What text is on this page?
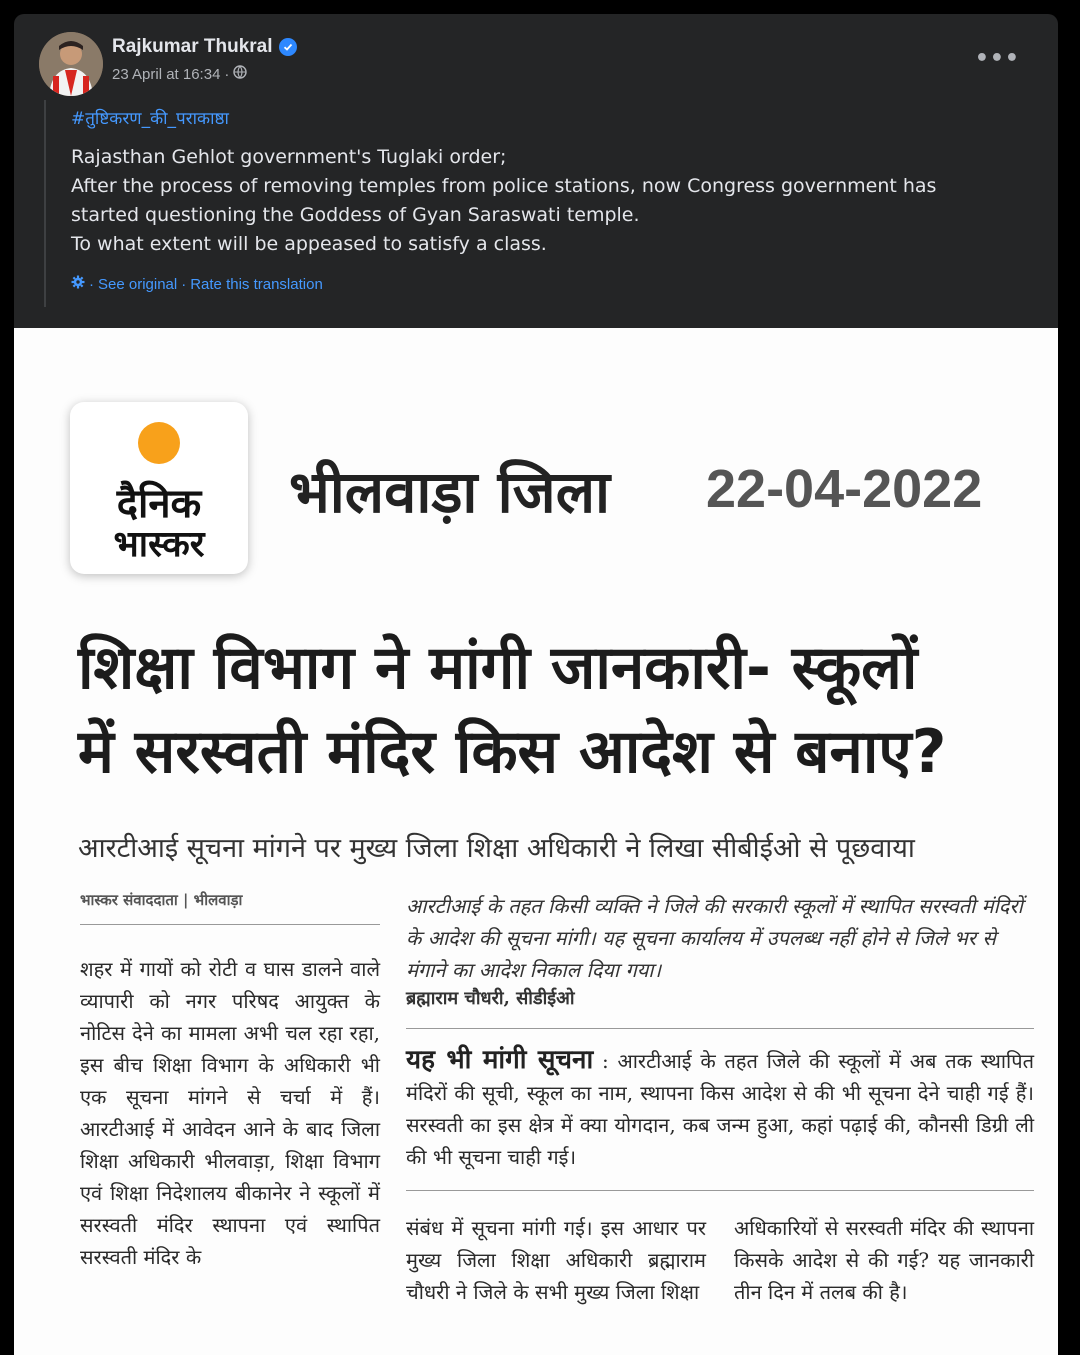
Rajkumar Thukral
23 April at 16:34 ·
•••
#तुष्टिकरण_की_पराकाष्ठा
Rajasthan Gehlot government's Tuglaki order;
After the process of removing temples from police stations, now Congress government has
started questioning the Goddess of Gyan Saraswati temple.
To what extent will be appeased to satisfy a class.
· See original · Rate this translation
दैनिक
भास्कर
भीलवाड़ा जिला 22-04-2022
शिक्षा विभाग ने मांगी जानकारी- स्कूलों
में सरस्वती मंदिर किस आदेश से बनाए?
आरटीआई सूचना मांगने पर मुख्य जिला शिक्षा अधिकारी ने लिखा सीबीईओ से पूछवाया
भास्कर संवाददाता | भीलवाड़ा
शहर में गायों को रोटी व घास डालने वाले व्यापारी को नगर परिषद आयुक्त के नोटिस देने का मामला अभी चल रहा रहा, इस बीच शिक्षा विभाग के अधिकारी भी एक सूचना मांगने से चर्चा में हैं। आरटीआई में आवेदन आने के बाद जिला शिक्षा अधिकारी भीलवाड़ा, शिक्षा विभाग एवं शिक्षा निदेशालय बीकानेर ने स्कूलों में सरस्वती मंदिर स्थापना एवं स्थापित सरस्वती मंदिर के
आरटीआई के तहत किसी व्यक्ति ने जिले की सरकारी स्कूलों में स्थापित सरस्वती मंदिरों के आदेश की सूचना मांगी। यह सूचना कार्यालय में उपलब्ध नहीं होने से जिले भर से मंगाने का आदेश निकाल दिया गया।
ब्रह्माराम चौधरी, सीडीईओ
यह भी मांगी सूचना : आरटीआई के तहत जिले की स्कूलों में अब तक स्थापित मंदिरों की सूची, स्कूल का नाम, स्थापना किस आदेश से की भी सूचना देने चाही गई हैं। सरस्वती का इस क्षेत्र में क्या योगदान, कब जन्म हुआ, कहां पढ़ाई की, कौनसी डिग्री ली की भी सूचना चाही गई।
संबंध में सूचना मांगी गई। इस आधार पर मुख्य जिला शिक्षा अधिकारी ब्रह्माराम चौधरी ने जिले के सभी मुख्य जिला शिक्षा
अधिकारियों से सरस्वती मंदिर की स्थापना किसके आदेश से की गई? यह जानकारी तीन दिन में तलब की है।
